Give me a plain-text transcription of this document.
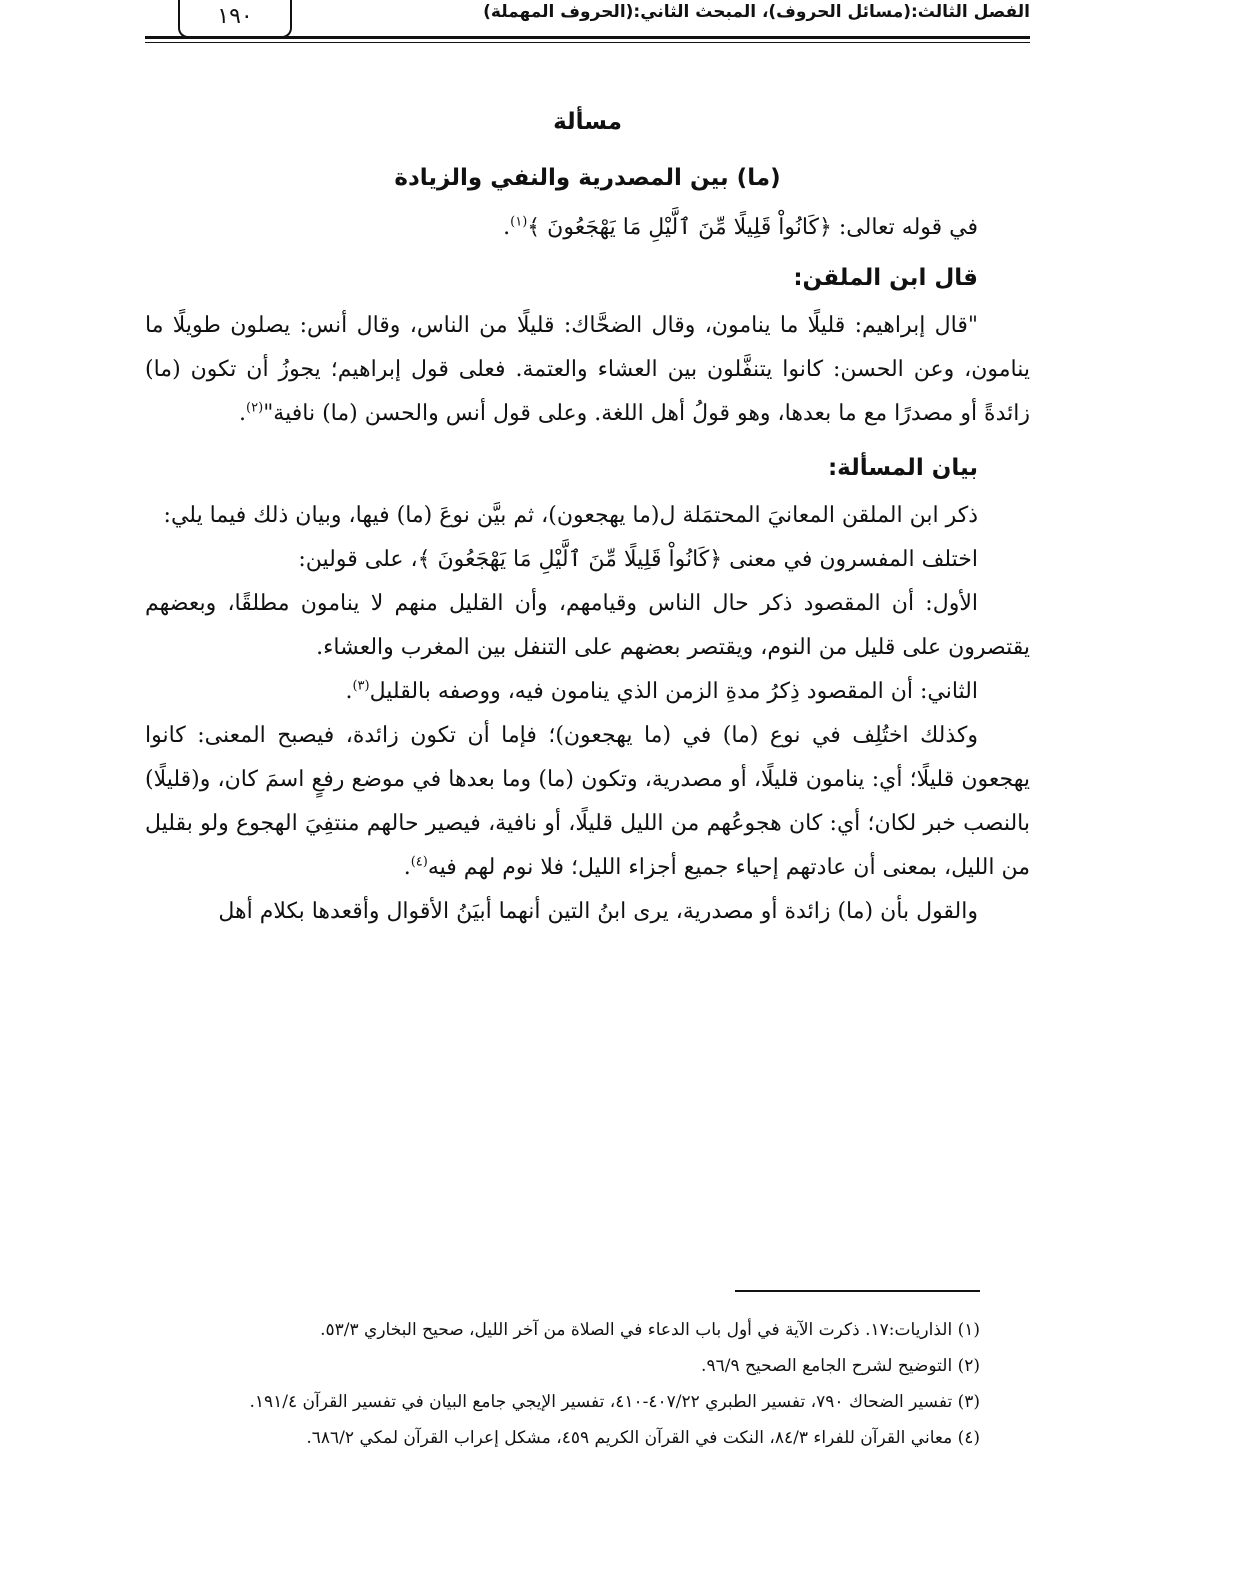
الفصل الثالث:(مسائل الحروف)، المبحث الثاني:(الحروف المهملة)
١٩٠

مسألة

(ما) بين المصدرية والنفي والزيادة

في قوله تعالى: ﴿كَانُواْ قَلِيلًا مِّنَ ٱلَّيْلِ مَا يَهْجَعُونَ ﴾$^{(١)}$.

قال ابن الملقن:

"قال إبراهيم: قليلًا ما ينامون، وقال الضحَّاك: قليلًا من الناس، وقال أنس: يصلون طويلًا ما ينامون، وعن الحسن: كانوا يتنفَّلون بين العشاء والعتمة. فعلى قول إبراهيم؛ يجوزُ أن تكون (ما) زائدةً أو مصدرًا مع ما بعدها، وهو قولُ أهل اللغة. وعلى قول أنس والحسن (ما) نافية"$^{(٢)}$.

بيان المسألة:

ذكر ابن الملقن المعانيَ المحتمَلة ل(ما يهجعون)، ثم بيَّن نوعَ (ما) فيها، وبيان ذلك فيما يلي:

اختلف المفسرون في معنى ﴿كَانُواْ قَلِيلًا مِّنَ ٱلَّيْلِ مَا يَهْجَعُونَ ﴾، على قولين:

الأول: أن المقصود ذكر حال الناس وقيامهم، وأن القليل منهم لا ينامون مطلقًا، وبعضهم يقتصرون على قليل من النوم، ويقتصر بعضهم على التنفل بين المغرب والعشاء.

الثاني: أن المقصود ذِكرُ مدةِ الزمن الذي ينامون فيه، ووصفه بالقليل$^{(٣)}$.

وكذلك اختُلِف في نوع (ما) في (ما يهجعون)؛ فإما أن تكون زائدة، فيصبح المعنى: كانوا يهجعون قليلًا؛ أي: ينامون قليلًا، أو مصدرية، وتكون (ما) وما بعدها في موضع رفعٍ اسمَ كان، و(قليلًا) بالنصب خبر لكان؛ أي: كان هجوعُهم من الليل قليلًا، أو نافية، فيصير حالهم منتفِيَ الهجوع ولو بقليل من الليل، بمعنى أن عادتهم إحياء جميع أجزاء الليل؛ فلا نوم لهم فيه$^{(٤)}$.

والقول بأن (ما) زائدة أو مصدرية، يرى ابنُ التين أنهما أبيَنُ الأقوال وأقعدها بكلام أهل

(١) الذاريات:١٧. ذكرت الآية في أول باب الدعاء في الصلاة من آخر الليل، صحيح البخاري ٥٣/٣.

(٢) التوضيح لشرح الجامع الصحيح ٩٦/٩.

(٣) تفسير الضحاك ٧٩٠، تفسير الطبري ٤٠٧/٢٢-٤١٠، تفسير الإيجي جامع البيان في تفسير القرآن ١٩١/٤.

(٤) معاني القرآن للفراء ٨٤/٣، النكت في القرآن الكريم ٤٥٩، مشكل إعراب القرآن لمكي ٦٨٦/٢.
